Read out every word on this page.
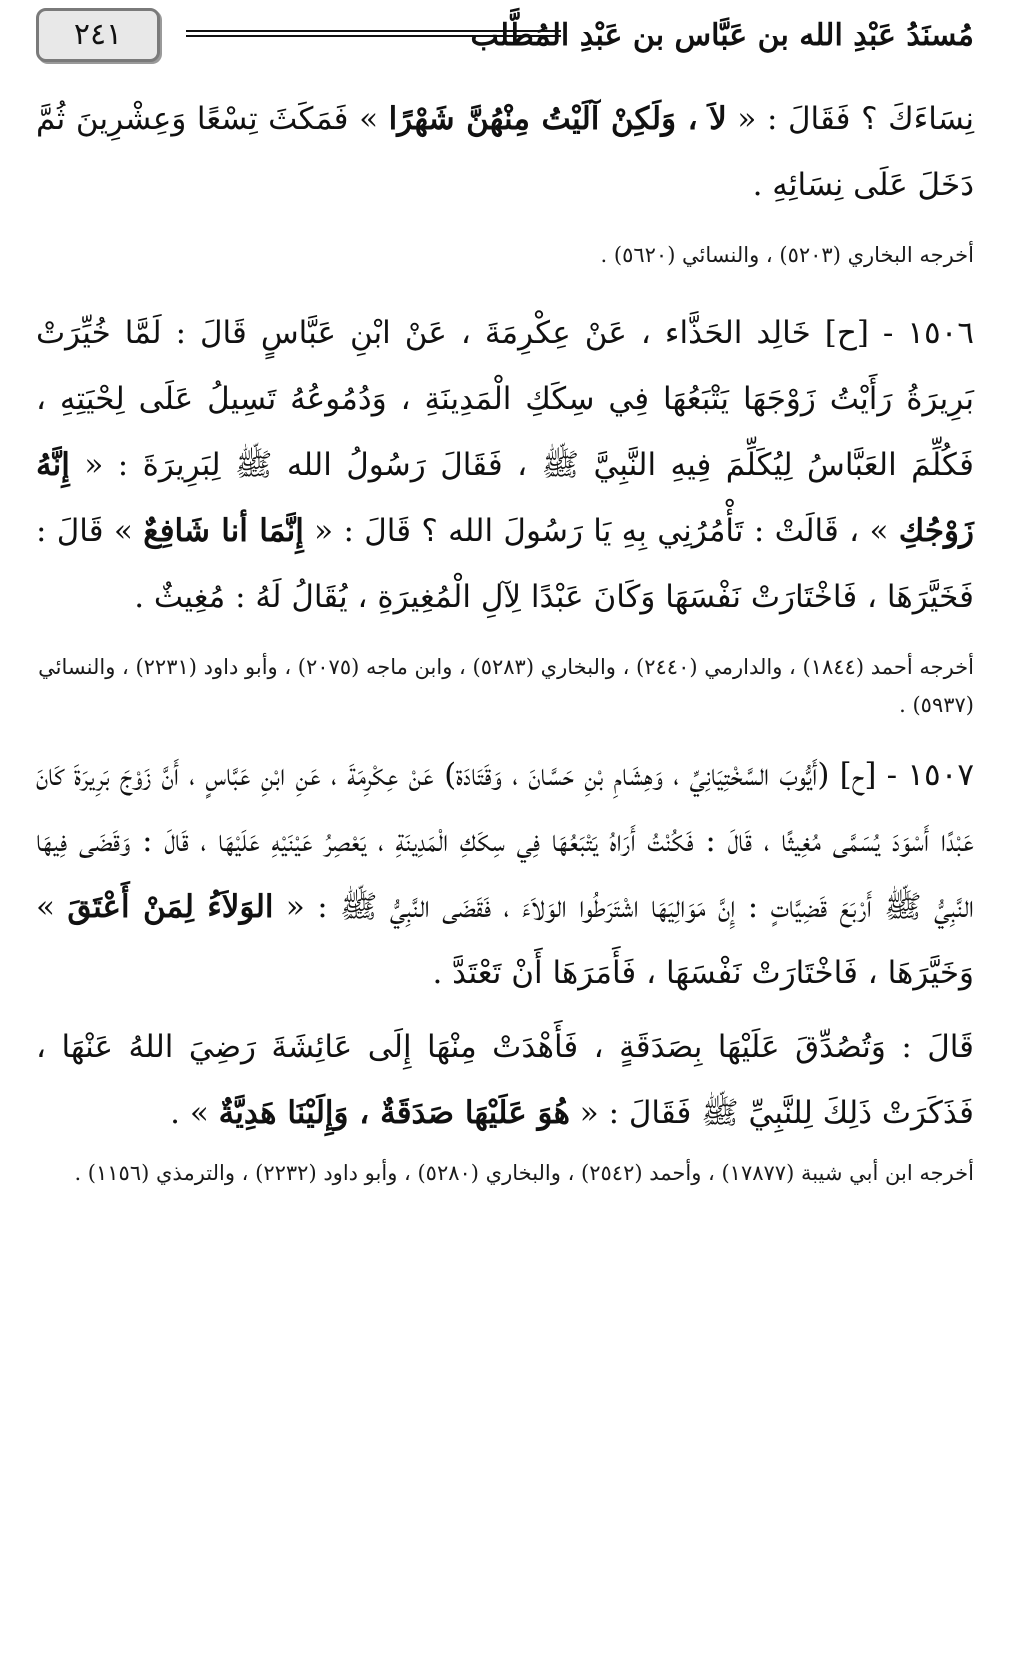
مُسنَدُ عَبْدِ الله بن عَبَّاس بن عَبْدِ المُطَّلب
٢٤١

نِسَاءَكَ ؟ فَقَالَ : « لاَ ، وَلَكِنْ آلَيْتُ مِنْهُنَّ شَهْرًا » فَمَكَثَ تِسْعًا وَعِشْرِينَ ثُمَّ دَخَلَ عَلَى نِسَائِهِ .

أخرجه البخاري (٥٢٠٣) ، والنسائي (٥٦٢٠) .

١٥٠٦ - [ح] خَالِد الحَذَّاء ، عَنْ عِكْرِمَةَ ، عَنْ ابْنِ عَبَّاسٍ قَالَ : لَمَّا خُيِّرَتْ بَرِيرَةُ رَأَيْتُ زَوْجَهَا يَتْبَعُهَا فِي سِكَكِ الْمَدِينَةِ ، وَدُمُوعُهُ تَسِيلُ عَلَى لِحْيَتِهِ ، فَكُلِّمَ العَبَّاسُ لِيُكَلِّمَ فِيهِ النَّبِيَّ ﷺ ، فَقَالَ رَسُولُ الله ﷺ لِبَرِيرَةَ : « إِنَّهُ زَوْجُكِ » ، قَالَتْ : تَأْمُرُنِي بِهِ يَا رَسُولَ الله ؟ قَالَ : « إِنَّمَا أنا شَافِعٌ » قَالَ : فَخَيَّرَهَا ، فَاخْتَارَتْ نَفْسَهَا وَكَانَ عَبْدًا لِآلِ الْمُغِيرَةِ ، يُقَالُ لَهُ : مُغِيثٌ .

أخرجه أحمد (١٨٤٤) ، والدارمي (٢٤٤٠) ، والبخاري (٥٢٨٣) ، وابن ماجه (٢٠٧٥) ، وأبو داود (٢٢٣١) ، والنسائي (٥٩٣٧) .

١٥٠٧ - [ح] (أَيُّوبَ السَّخْتِيَانِيِّ ، وَهِشَامِ بْنِ حَسَّانَ ، وَقَتَادَة) عَنْ عِكْرِمَةَ ، عَنِ ابْنِ عَبَّاسٍ ، أَنَّ زَوْجَ بَرِيرَةَ كَانَ عَبْدًا أَسْوَدَ يُسَمَّى مُغِيثًا ، قَالَ : فَكُنْتُ أَرَاهُ يَتْبَعُهَا فِي سِكَكِ الْمَدِينَةِ ، يَعْصِرُ عَيْنَيْهِ عَلَيْهَا ، قَالَ : وَقَضَى فِيهَا النَّبِيُّ ﷺ أَرْبَعَ قَضِيَّاتٍ : إِنَّ مَوَالِيَهَا اشْتَرَطُوا الوَلاَءَ ، فَقَضَى النَّبِيُّ ﷺ : « الوَلاَءُ لِمَنْ أَعْتَقَ » وَخَيَّرَهَا ، فَاخْتَارَتْ نَفْسَهَا ، فَأَمَرَهَا أَنْ تَعْتَدَّ .

قَالَ : وَتُصُدِّقَ عَلَيْهَا بِصَدَقَةٍ ، فَأَهْدَتْ مِنْهَا إِلَى عَائِشَةَ رَضِيَ اللهُ عَنْهَا ، فَذَكَرَتْ ذَلِكَ لِلنَّبِيِّ ﷺ فَقَالَ : « هُوَ عَلَيْهَا صَدَقَةٌ ، وَإِلَيْنَا هَدِيَّةٌ » .

أخرجه ابن أبي شيبة (١٧٨٧٧) ، وأحمد (٢٥٤٢) ، والبخاري (٥٢٨٠) ، وأبو داود (٢٢٣٢) ، والترمذي (١١٥٦) .
